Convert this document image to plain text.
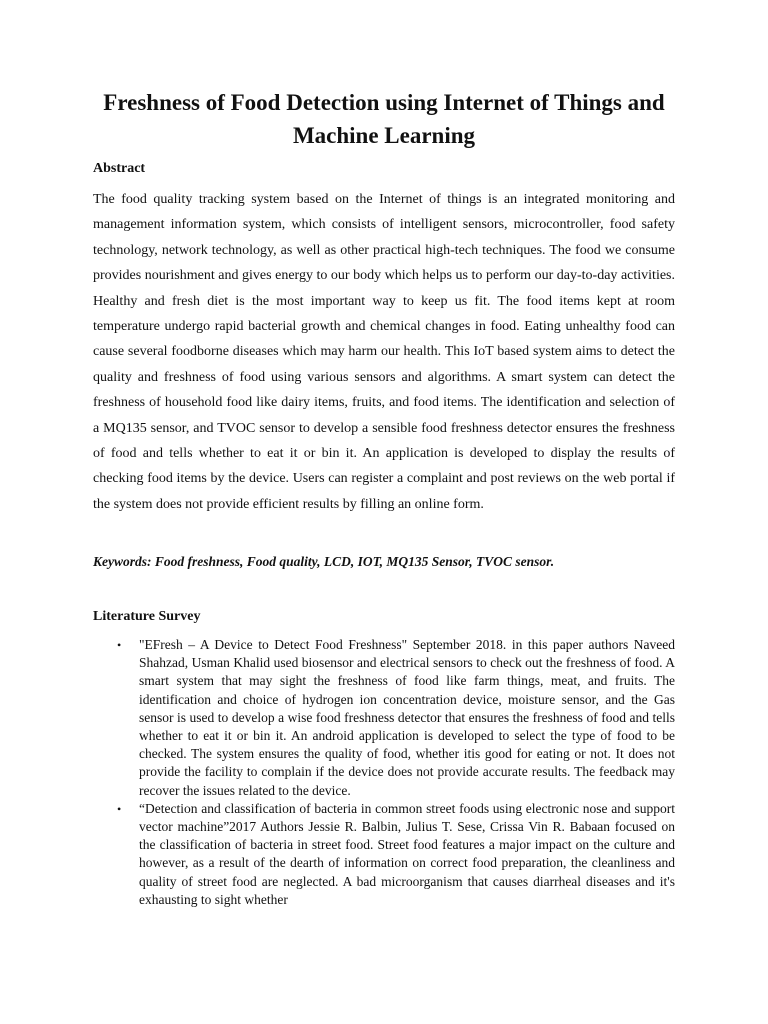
Freshness of Food Detection using Internet of Things and Machine Learning
Abstract

The food quality tracking system based on the Internet of things is an integrated monitoring and management information system, which consists of intelligent sensors, microcontroller, food safety technology, network technology, as well as other practical high-tech techniques. The food we consume provides nourishment and gives energy to our body which helps us to perform our day-to-day activities. Healthy and fresh diet is the most important way to keep us fit. The food items kept at room temperature undergo rapid bacterial growth and chemical changes in food. Eating unhealthy food can cause several foodborne diseases which may harm our health. This IoT based system aims to detect the quality and freshness of food using various sensors and algorithms. A smart system can detect the freshness of household food like dairy items, fruits, and food items. The identification and selection of a MQ135 sensor, and TVOC sensor to develop a sensible food freshness detector ensures the freshness of food and tells whether to eat it or bin it. An application is developed to display the results of checking food items by the device. Users can register a complaint and post reviews on the web portal if the system does not provide efficient results by filling an online form.

Keywords: Food freshness, Food quality, LCD, IOT, MQ135 Sensor, TVOC sensor.

Literature Survey
• "EFresh – A Device to Detect Food Freshness" September 2018. in this paper authors Naveed Shahzad, Usman Khalid used biosensor and electrical sensors to check out the freshness of food. A smart system that may sight the freshness of food like farm things, meat, and fruits. The identification and choice of hydrogen ion concentration device, moisture sensor, and the Gas sensor is used to develop a wise food freshness detector that ensures the freshness of food and tells whether to eat it or bin it. An android application is developed to select the type of food to be checked. The system ensures the quality of food, whether itis good for eating or not. It does not provide the facility to complain if the device does not provide accurate results. The feedback may recover the issues related to the device.
• “Detection and classification of bacteria in common street foods using electronic nose and support vector machine”2017 Authors Jessie R. Balbin, Julius T. Sese, Crissa Vin R. Babaan focused on the classification of bacteria in street food. Street food features a major impact on the culture and however, as a result of the dearth of information on correct food preparation, the cleanliness and quality of street food are neglected. A bad microorganism that causes diarrheal diseases and it's exhausting to sight whether
